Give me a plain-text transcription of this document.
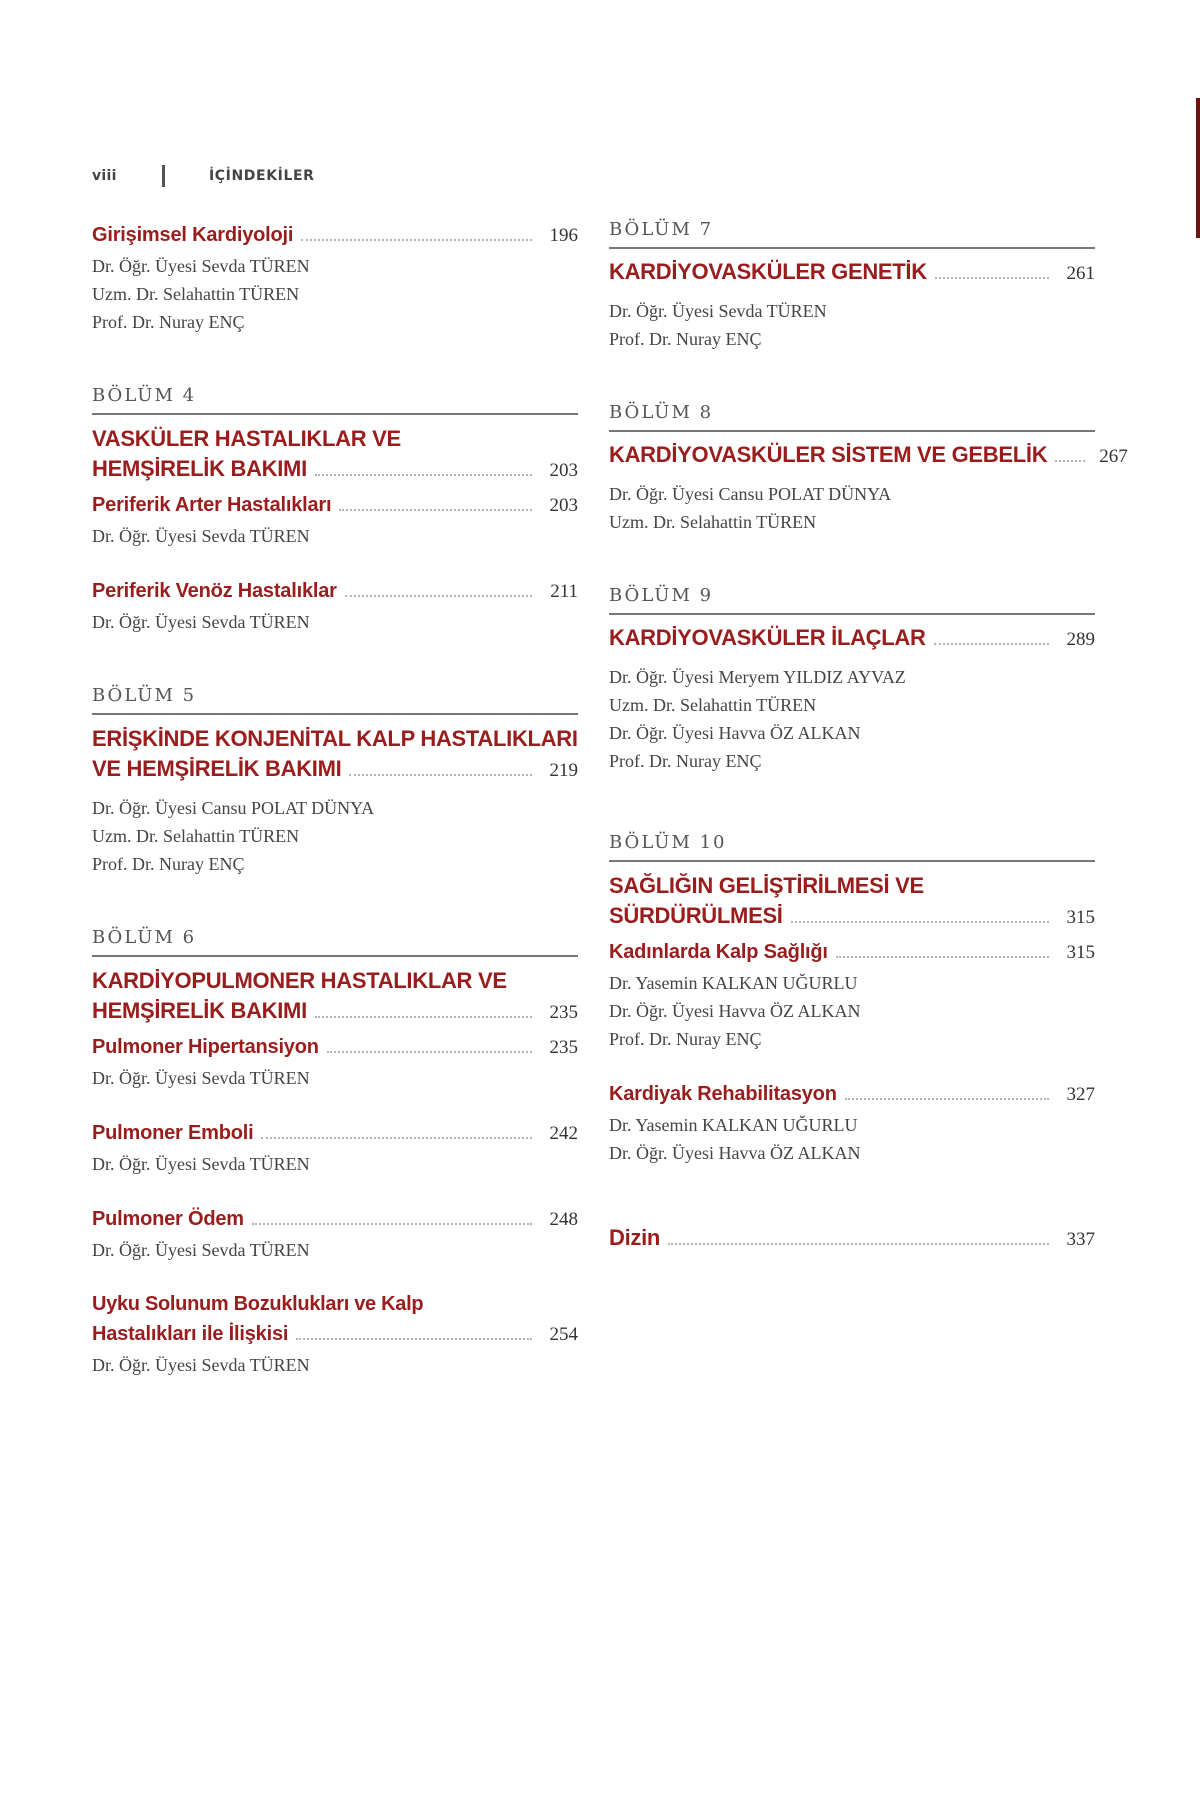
viii	İÇİNDEKİLER
Girişimsel Kardiyoloji	196
Dr. Öğr. Üyesi Sevda TÜREN
Uzm. Dr. Selahattin TÜREN
Prof. Dr. Nuray ENÇ
BÖLÜM 4
VASKÜLER HASTALIKLAR VE
HEMŞİRELİK BAKIMI	203
Periferik Arter Hastalıkları	203
Dr. Öğr. Üyesi Sevda TÜREN
Periferik Venöz Hastalıklar	211
Dr. Öğr. Üyesi Sevda TÜREN
BÖLÜM 5
ERİŞKİNDE KONJENİTAL KALP HASTALIKLARI
VE HEMŞİRELİK BAKIMI	219
Dr. Öğr. Üyesi Cansu POLAT DÜNYA
Uzm. Dr. Selahattin TÜREN
Prof. Dr. Nuray ENÇ
BÖLÜM 6
KARDİYOPULMONER HASTALIKLAR VE
HEMŞİRELİK BAKIMI	235
Pulmoner Hipertansiyon	235
Dr. Öğr. Üyesi Sevda TÜREN
Pulmoner Emboli	242
Dr. Öğr. Üyesi Sevda TÜREN
Pulmoner Ödem	248
Dr. Öğr. Üyesi Sevda TÜREN
Uyku Solunum Bozuklukları ve Kalp
Hastalıkları ile İlişkisi	254
Dr. Öğr. Üyesi Sevda TÜREN
BÖLÜM 7
KARDİYOVASKÜLER GENETİK	261
Dr. Öğr. Üyesi Sevda TÜREN
Prof. Dr. Nuray ENÇ
BÖLÜM 8
KARDİYOVASKÜLER SİSTEM VE GEBELİK	267
Dr. Öğr. Üyesi Cansu POLAT DÜNYA
Uzm. Dr. Selahattin TÜREN
BÖLÜM 9
KARDİYOVASKÜLER İLAÇLAR	289
Dr. Öğr. Üyesi Meryem YILDIZ AYVAZ
Uzm. Dr. Selahattin TÜREN
Dr. Öğr. Üyesi Havva ÖZ ALKAN
Prof. Dr. Nuray ENÇ
BÖLÜM 10
SAĞLIĞIN GELİŞTİRİLMESİ VE
SÜRDÜRÜLMESİ	315
Kadınlarda Kalp Sağlığı	315
Dr. Yasemin KALKAN UĞURLU
Dr. Öğr. Üyesi Havva ÖZ ALKAN
Prof. Dr. Nuray ENÇ
Kardiyak Rehabilitasyon	327
Dr. Yasemin KALKAN UĞURLU
Dr. Öğr. Üyesi Havva ÖZ ALKAN
Dizin	337
